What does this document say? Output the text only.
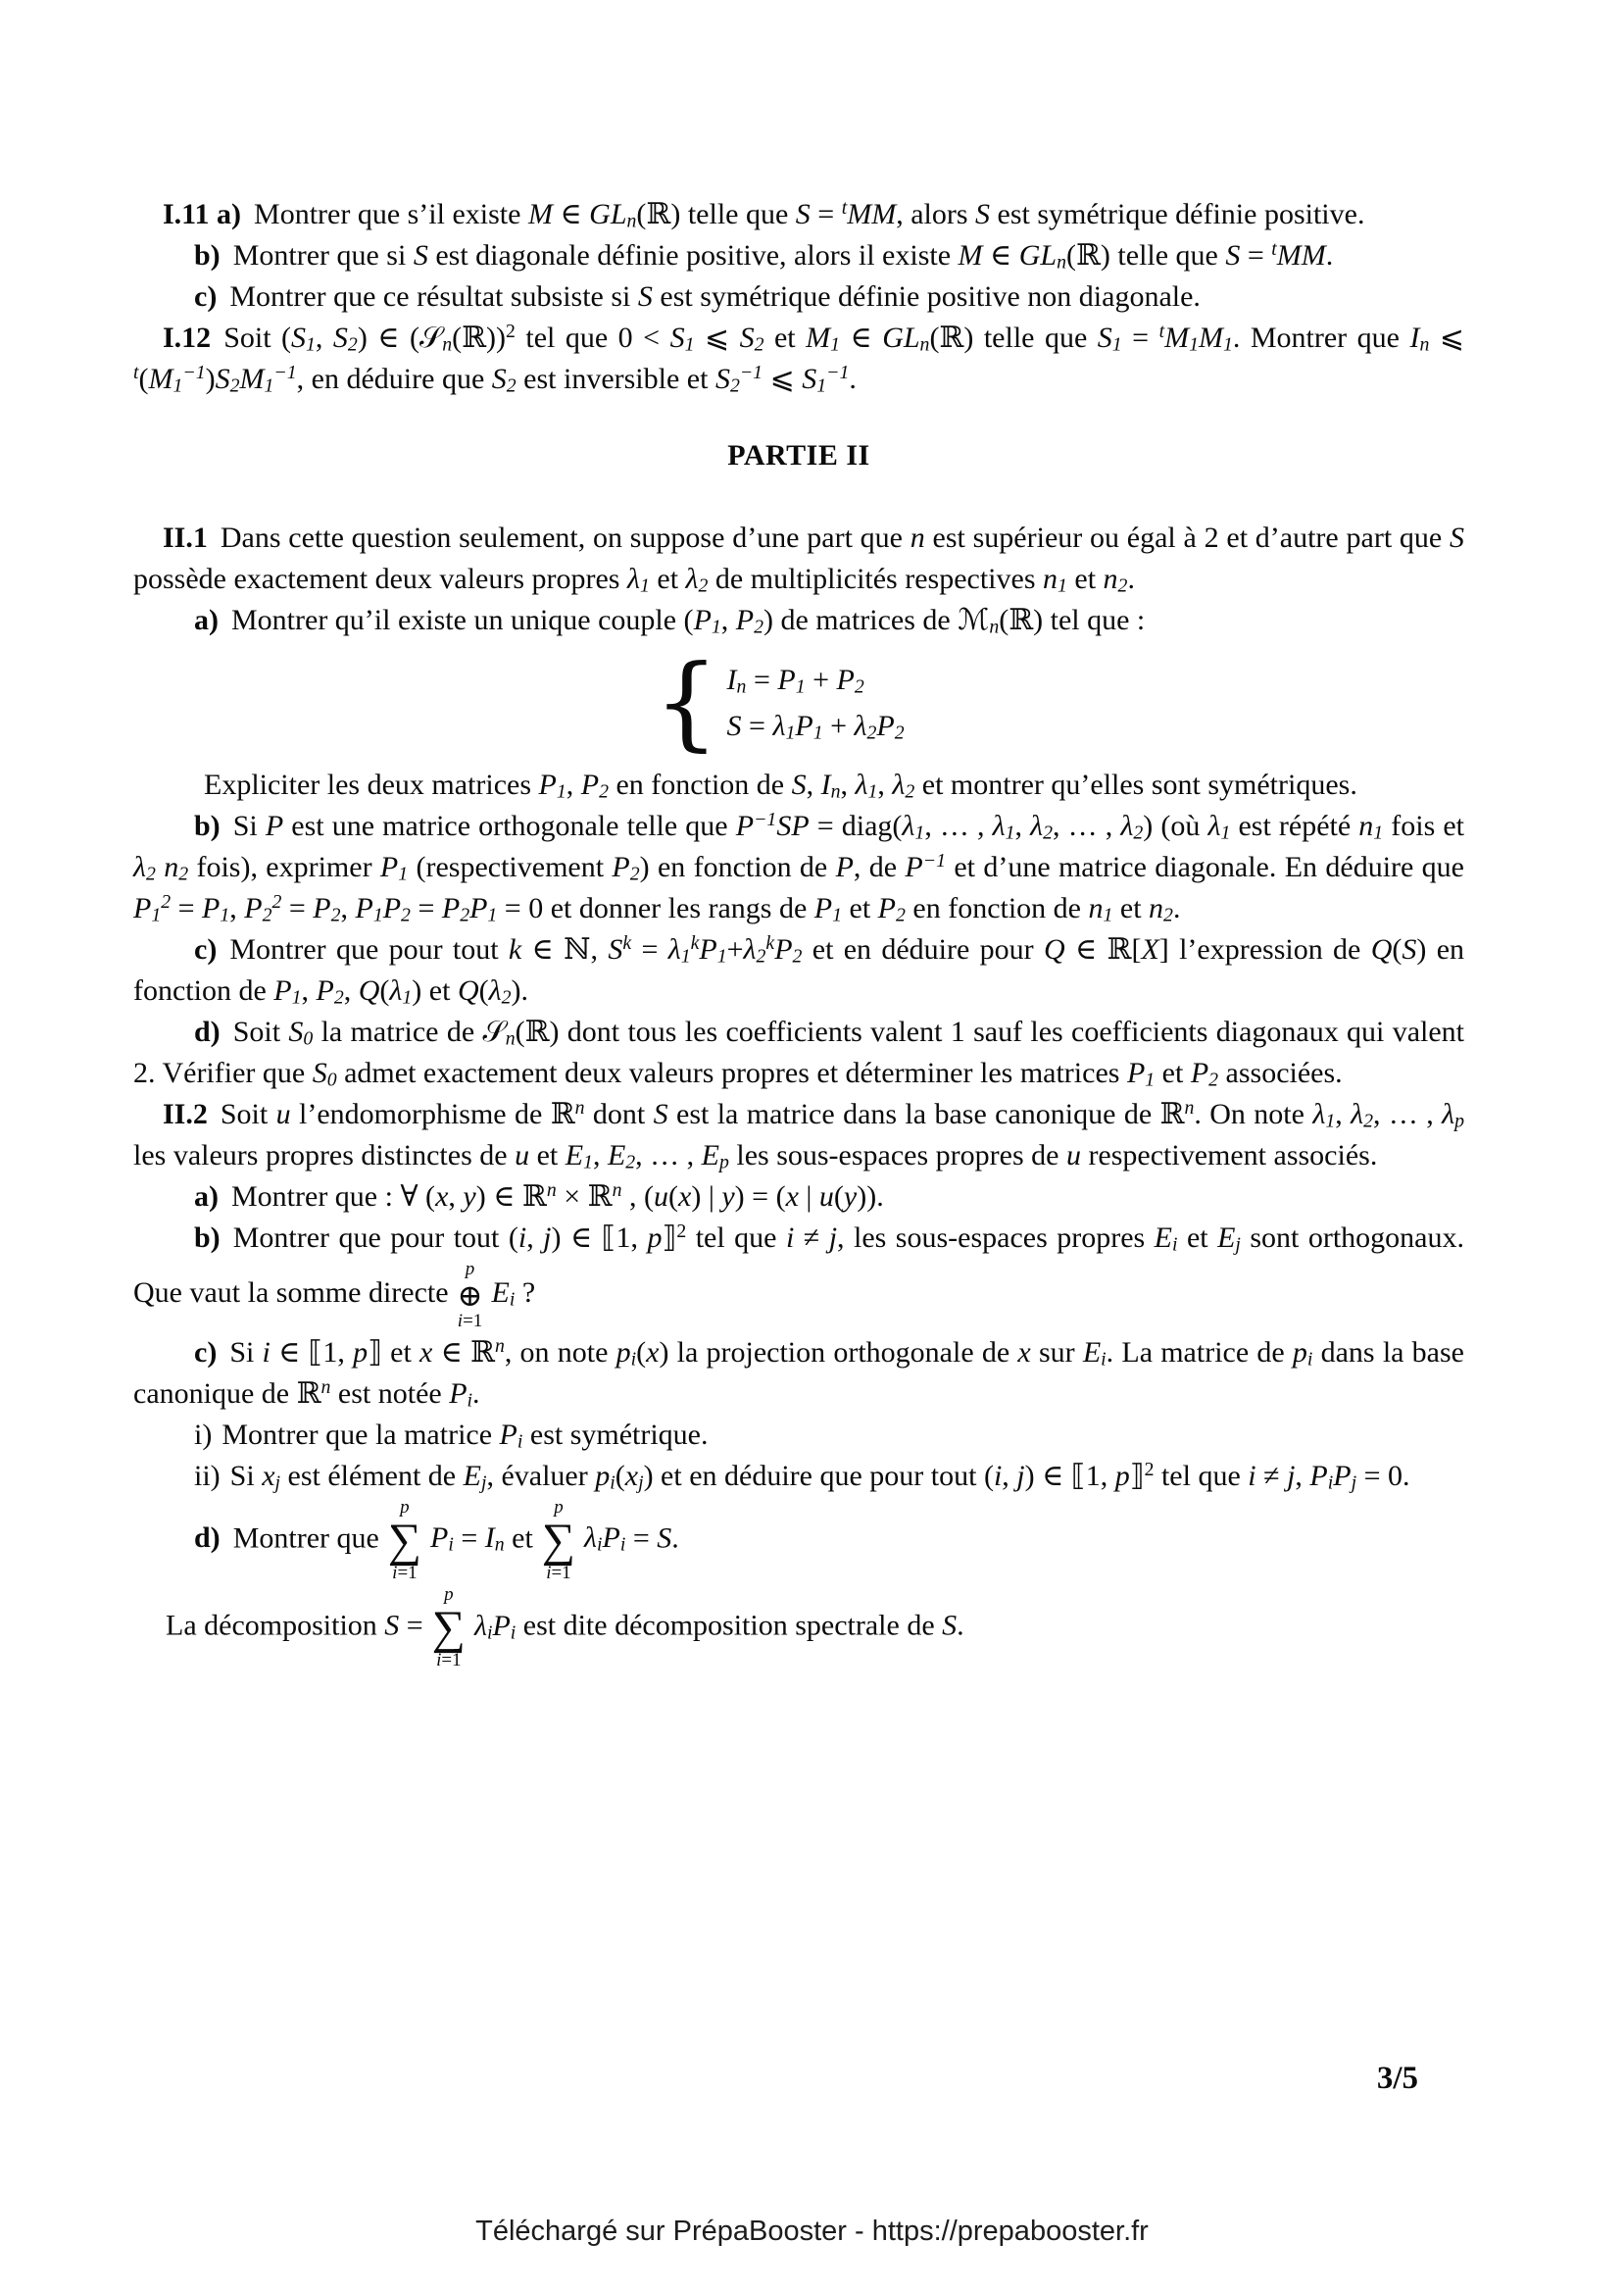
I.11 a) Montrer que s’il existe M ∈ $GL_n(ℝ)$ telle que S = $^t$MM, alors S est symétrique définie positive.

b) Montrer que si S est diagonale définie positive, alors il existe M ∈ $GL_n(ℝ)$ telle que S = $^t$MM.

c) Montrer que ce résultat subsiste si S est symétrique définie positive non diagonale.

I.12 Soit ($S_1$, $S_2$) ∈ (𝒮$_n$(ℝ))$^2$ tel que $0 < S_1$ ⩽ $S_2$ et $M_1$ ∈ $GL_n(ℝ)$ telle que $S_1 = ^tM_1M_1$. Montrer que $I_n$ ⩽ $^t(M_1^{-1})S_2M_1^{-1}$, en déduire que $S_2$ est inversible et $S_2^{-1}$ ⩽ $S_1^{-1}$.

PARTIE II

II.1 Dans cette question seulement, on suppose d’une part que n est supérieur ou égal à 2 et d’autre part que S possède exactement deux valeurs propres $\lambda_1$ et $\lambda_2$ de multiplicités respectives $n_1$ et $n_2$.

a) Montrer qu’il existe un unique couple ($P_1$, $P_2$) de matrices de ℳ$_n$(ℝ) tel que :

{ $I_n = P_1 + P_2$
$S = \lambda_1P_1 + \lambda_2P_2$

Expliciter les deux matrices $P_1$, $P_2$ en fonction de S, $I_n$, $\lambda_1$, $\lambda_2$ et montrer qu’elles sont symétriques.

b) Si P est une matrice orthogonale telle que $P^{-1}SP$ = $diag(\lambda_1$, … , $\lambda_1$, $\lambda_2$, … , $\lambda_2$) (où $\lambda_1$ est répété $n_1$ fois et $\lambda_2$ $n_2$ fois), exprimer $P_1$ (respectivement $P_2$) en fonction de P, de $P^{-1}$ et d’une matrice diagonale. En déduire que $P_1^2 = P_1$, $P_2^2 = P_2$, $P_1P_2 = P_2P_1 = 0$ et donner les rangs de $P_1$ et $P_2$ en fonction de $n_1$ et $n_2$.

c) Montrer que pour tout k ∈ ℕ, $S^k = \lambda_1^kP_1+\lambda_2^kP_2$ et en déduire pour Q ∈ ℝ[X] l’expression de Q(S) en fonction de $P_1$, $P_2$, $Q(\lambda_1)$ et $Q(\lambda_2)$.

d) Soit $S_0$ la matrice de 𝒮$_n$(ℝ) dont tous les coefficients valent 1 sauf les coefficients diagonaux qui valent 2. Vérifier que $S_0$ admet exactement deux valeurs propres et déterminer les matrices $P_1$ et $P_2$ associées.

II.2 Soit u l’endomorphisme de ℝ$^n$ dont S est la matrice dans la base canonique de ℝ$^n$. On note $\lambda_1$, $\lambda_2$, … , $\lambda_p$ les valeurs propres distinctes de u et $E_1$, $E_2$, … , $E_p$ les sous-espaces propres de u respectivement associés.

a) Montrer que : ∀ (x, y) ∈ ℝ$^n$ × ℝ$^n$ , (u(x) | y) = (x | u(y)).

b) Montrer que pour tout (i, j) ∈ ⟦1, p⟧$^2$ tel que i ≠ j, les sous-espaces propres $E_i$ et $E_j$ sont orthogonaux. Que vaut la somme directe
p
⊕
i=1
$E_i$ ?

c) Si i ∈ ⟦1, p⟧ et x ∈ ℝ$^n$, on note $p_i(x)$ la projection orthogonale de x sur $E_i$. La matrice de $p_i$ dans la base canonique de ℝ$^n$ est notée $P_i$.

i) Montrer que la matrice $P_i$ est symétrique.

ii) Si $x_j$ est élément de $E_j$, évaluer $p_i(x_j)$ et en déduire que pour tout (i, j) ∈ ⟦1, p⟧$^2$ tel que i ≠ j, $P_iP_j = 0$.

d) Montrer que
p
∑
i=1
$P_i = I_n$ et
p
∑
i=1
$\lambda_iP_i = S$.

La décomposition S =
p
∑
i=1
$\lambda_iP_i$ est dite décomposition spectrale de S.

3/5
Téléchargé sur PrépaBooster - https://prepabooster.fr
